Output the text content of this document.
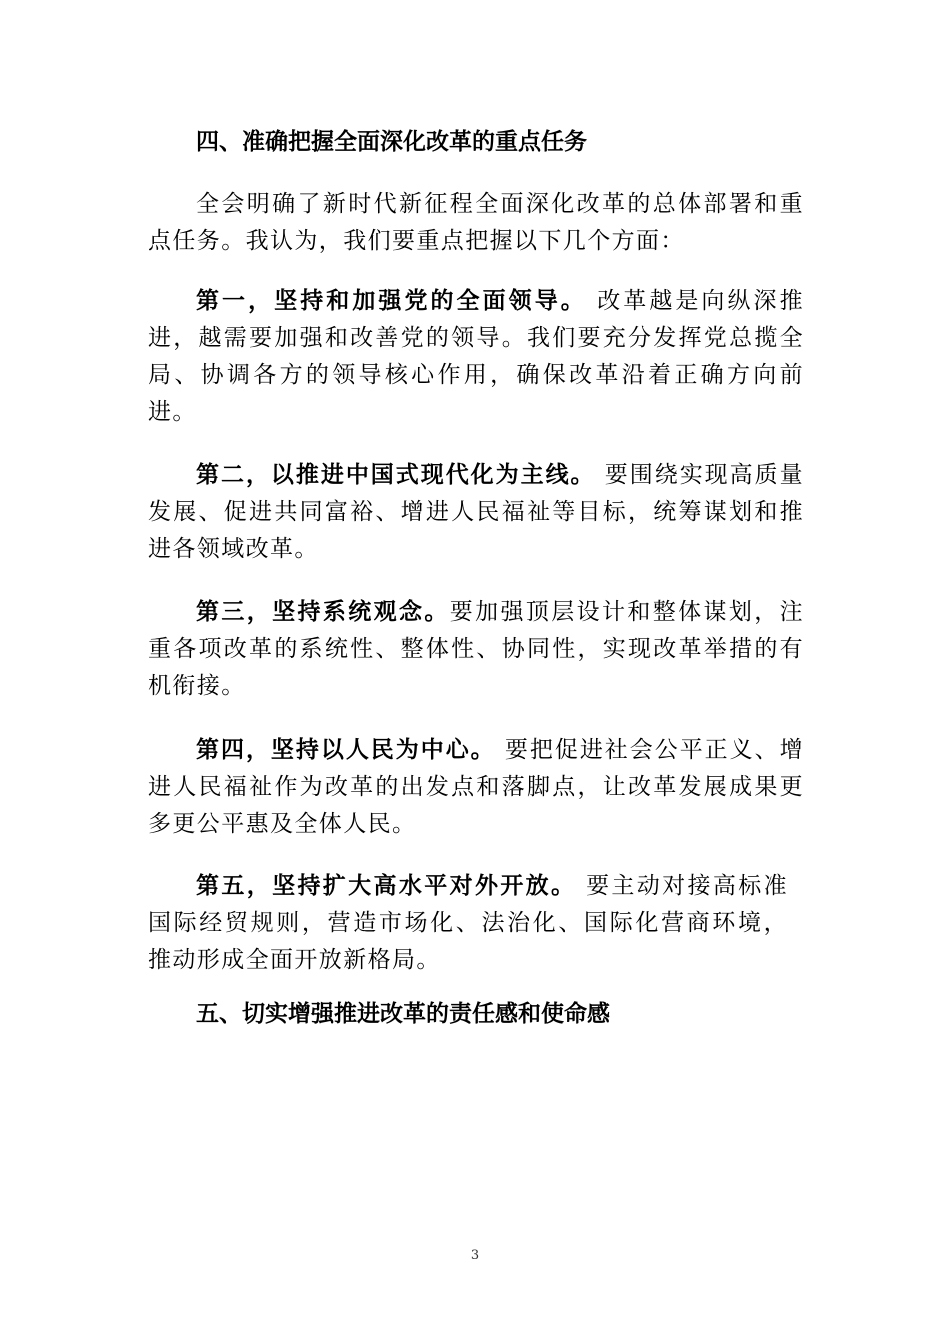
四、准确把握全面深化改革的重点任务

全会明确了新时代新征程全面深化改革的总体部署和重点任务。我认为，我们要重点把握以下几个方面：

第一，坚持和加强党的全面领导。 改革越是向纵深推进，越需要加强和改善党的领导。我们要充分发挥党总揽全局、协调各方的领导核心作用，确保改革沿着正确方向前进。

第二，以推进中国式现代化为主线。 要围绕实现高质量发展、促进共同富裕、增进人民福祉等目标，统筹谋划和推进各领域改革。

第三，坚持系统观念。要加强顶层设计和整体谋划，注重各项改革的系统性、整体性、协同性，实现改革举措的有机衔接。

第四，坚持以人民为中心。 要把促进社会公平正义、增进人民福祉作为改革的出发点和落脚点，让改革发展成果更多更公平惠及全体人民。

第五，坚持扩大高水平对外开放。 要主动对接高标准 国际经贸规则，营造市场化、法治化、国际化营商环境， 推动形成全面开放新格局。

五、切实增强推进改革的责任感和使命感
3
